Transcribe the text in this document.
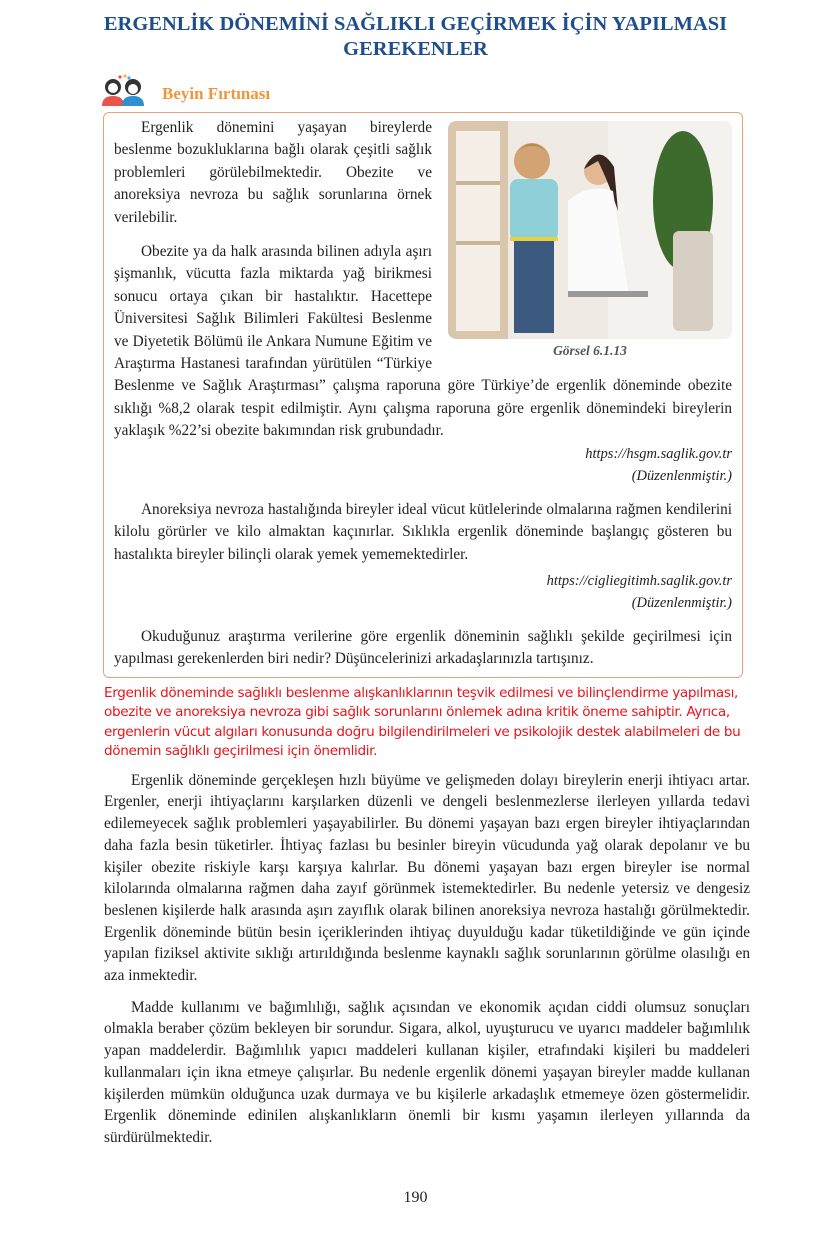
ERGENLİK DÖNEMİNİ SAĞLIKLI GEÇİRMEK İÇİN YAPILMASI GEREKENLER
Beyin Fırtınası
Görsel 6.1.13

Ergenlik dönemini yaşayan bireylerde beslenme bozukluklarına bağlı olarak çeşitli sağlık problemleri görülebilmektedir. Obezite ve anoreksiya nevroza bu sağlık sorunlarına örnek verilebilir.

Obezite ya da halk arasında bilinen adıyla aşırı şişmanlık, vücutta fazla miktarda yağ birikmesi sonucu ortaya çıkan bir hastalıktır. Hacettepe Üniversitesi Sağlık Bilimleri Fakültesi Beslenme ve Diyetetik Bölümü ile Ankara Numune Eğitim ve Araştırma Hastanesi tarafından yürütülen “Türkiye Beslenme ve Sağlık Araştırması” çalışma raporuna göre Türkiye’de ergenlik döneminde obezite sıklığı %8,2 olarak tespit edilmiştir. Aynı çalışma raporuna göre ergenlik dönemindeki bireylerin yaklaşık %22’si obezite bakımından risk grubundadır.

https://hsgm.saglik.gov.tr
(Düzenlenmiştir.)

Anoreksiya nevroza hastalığında bireyler ideal vücut kütlelerinde olmalarına rağmen kendilerini kilolu görürler ve kilo almaktan kaçınırlar. Sıklıkla ergenlik döneminde başlangıç gösteren bu hastalıkta bireyler bilinçli olarak yemek yememektedirler.

https://cigliegitimh.saglik.gov.tr
(Düzenlenmiştir.)

Okuduğunuz araştırma verilerine göre ergenlik döneminin sağlıklı şekilde geçirilmesi için yapılması gerekenlerden biri nedir? Düşüncelerinizi arkadaşlarınızla tartışınız.

Ergenlik döneminde sağlıklı beslenme alışkanlıklarının teşvik edilmesi ve bilinçlendirme yapılması, obezite ve anoreksiya nevroza gibi sağlık sorunlarını önlemek adına kritik öneme sahiptir. Ayrıca, ergenlerin vücut algıları konusunda doğru bilgilendirilmeleri ve psikolojik destek alabilmeleri de bu dönemin sağlıklı geçirilmesi için önemlidir.

Ergenlik döneminde gerçekleşen hızlı büyüme ve gelişmeden dolayı bireylerin enerji ihtiyacı artar. Ergenler, enerji ihtiyaçlarını karşılarken düzenli ve dengeli beslenmezlerse ilerleyen yıllarda tedavi edilemeyecek sağlık problemleri yaşayabilirler. Bu dönemi yaşayan bazı ergen bireyler ihtiyaçlarından daha fazla besin tüketirler. İhtiyaç fazlası bu besinler bireyin vücudunda yağ olarak depolanır ve bu kişiler obezite riskiyle karşı karşıya kalırlar. Bu dönemi yaşayan bazı ergen bireyler ise normal kilolarında olmalarına rağmen daha zayıf görünmek istemektedirler. Bu nedenle yetersiz ve dengesiz beslenen kişilerde halk arasında aşırı zayıflık olarak bilinen anoreksiya nevroza hastalığı görülmektedir. Ergenlik döneminde bütün besin içeriklerinden ihtiyaç duyulduğu kadar tüketildiğinde ve gün içinde yapılan fiziksel aktivite sıklığı artırıldığında beslenme kaynaklı sağlık sorunlarının görülme olasılığı en aza inmektedir.

Madde kullanımı ve bağımlılığı, sağlık açısından ve ekonomik açıdan ciddi olumsuz sonuçları olmakla beraber çözüm bekleyen bir sorundur. Sigara, alkol, uyuşturucu ve uyarıcı maddeler bağımlılık yapan maddelerdir. Bağımlılık yapıcı maddeleri kullanan kişiler, etrafındaki kişileri bu maddeleri kullanmaları için ikna etmeye çalışırlar. Bu nedenle ergenlik dönemi yaşayan bireyler madde kullanan kişilerden mümkün olduğunca uzak durmaya ve bu kişilerle arkadaşlık etmemeye özen göstermelidir. Ergenlik döneminde edinilen alışkanlıkların önemli bir kısmı yaşamın ilerleyen yıllarında da sürdürülmektedir.

190
